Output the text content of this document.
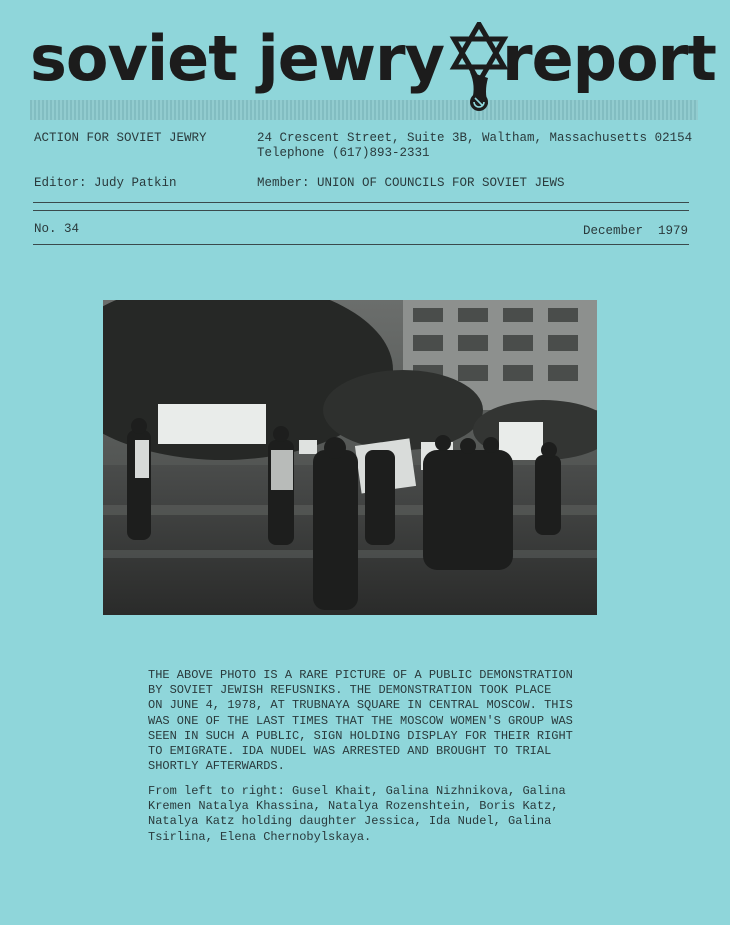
soviet jewry report
ACTION FOR SOVIET JEWRY	24 Crescent Street, Suite 3B, Waltham, Massachusetts 02154
Telephone (617)893-2331
Editor: Judy Patkin	Member: UNION OF COUNCILS FOR SOVIET JEWS
No. 34	December  1979
THE ABOVE PHOTO IS A RARE PICTURE OF A PUBLIC DEMONSTRATION
BY SOVIET JEWISH REFUSNIKS. THE DEMONSTRATION TOOK PLACE
ON JUNE 4, 1978, AT TRUBNAYA SQUARE IN CENTRAL MOSCOW. THIS
WAS ONE OF THE LAST TIMES THAT THE MOSCOW WOMEN'S GROUP WAS
SEEN IN SUCH A PUBLIC, SIGN HOLDING DISPLAY FOR THEIR RIGHT
TO EMIGRATE. IDA NUDEL WAS ARRESTED AND BROUGHT TO TRIAL
SHORTLY AFTERWARDS.
From left to right: Gusel Khait, Galina Nizhnikova, Galina
Kremen Natalya Khassina, Natalya Rozenshtein, Boris Katz,
Natalya Katz holding daughter Jessica, Ida Nudel, Galina
Tsirlina, Elena Chernobylskaya.
